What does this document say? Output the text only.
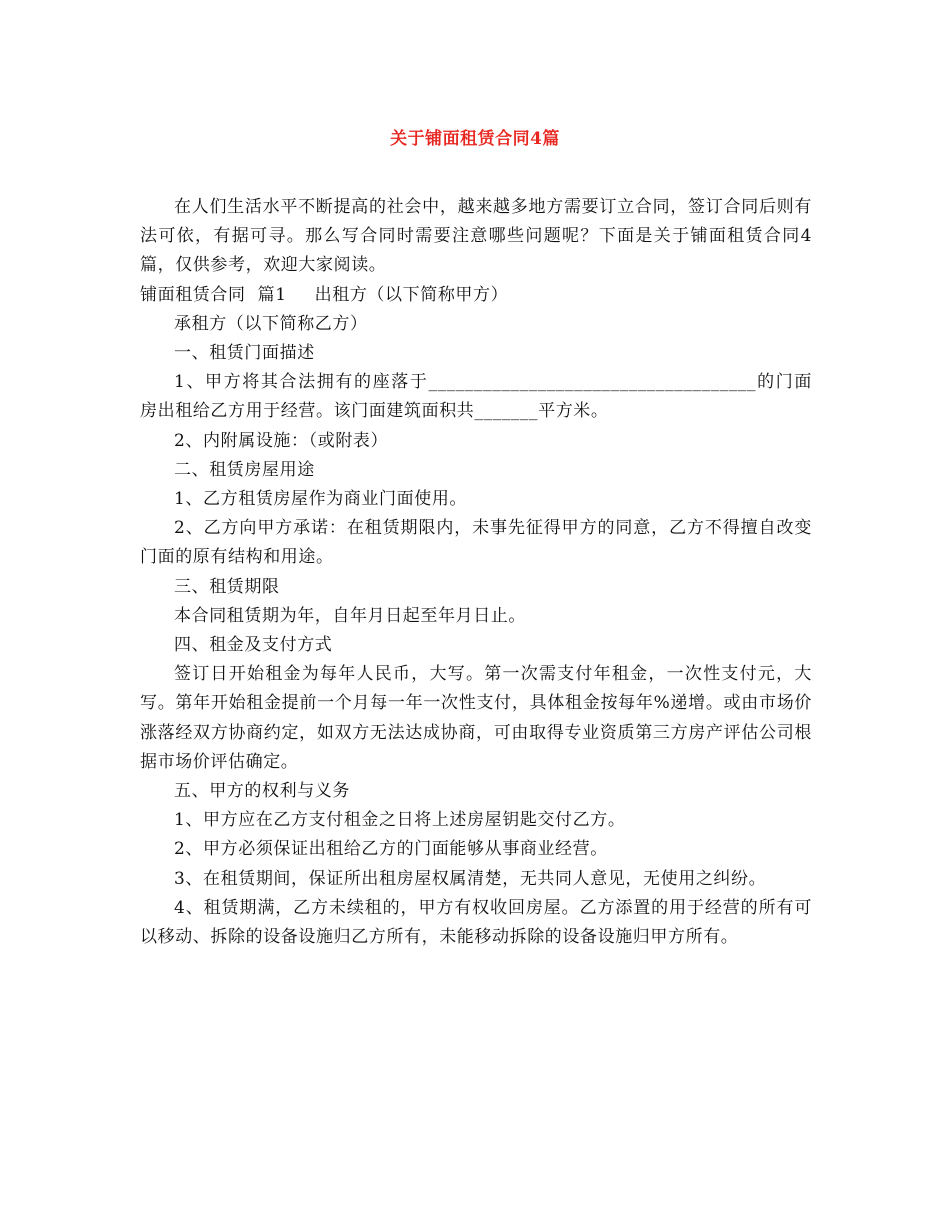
关于铺面租赁合同4篇

在人们生活水平不断提高的社会中，越来越多地方需要订立合同，签订合同后则有法可依，有据可寻。那么写合同时需要注意哪些问题呢？下面是关于铺面租赁合同4篇，仅供参考，欢迎大家阅读。

铺面租赁合同  篇1 出租方（以下简称甲方）

承租方（以下简称乙方）

一、租赁门面描述

1、甲方将其合法拥有的座落于____________________________________的门面房出租给乙方用于经营。该门面建筑面积共_______平方米。

2、内附属设施：（或附表）

二、租赁房屋用途

1、乙方租赁房屋作为商业门面使用。

2、乙方向甲方承诺：在租赁期限内，未事先征得甲方的同意，乙方不得擅自改变门面的原有结构和用途。

三、租赁期限

本合同租赁期为年，自年月日起至年月日止。

四、租金及支付方式

签订日开始租金为每年人民币，大写。第一次需支付年租金，一次性支付元，大写。第年开始租金提前一个月每一年一次性支付，具体租金按每年%递增。或由市场价涨落经双方协商约定，如双方无法达成协商，可由取得专业资质第三方房产评估公司根据市场价评估确定。

五、甲方的权利与义务

1、甲方应在乙方支付租金之日将上述房屋钥匙交付乙方。

2、甲方必须保证出租给乙方的门面能够从事商业经营。

3、在租赁期间，保证所出租房屋权属清楚，无共同人意见，无使用之纠纷。

4、租赁期满，乙方未续租的，甲方有权收回房屋。乙方添置的用于经营的所有可以移动、拆除的设备设施归乙方所有，未能移动拆除的设备设施归甲方所有。
